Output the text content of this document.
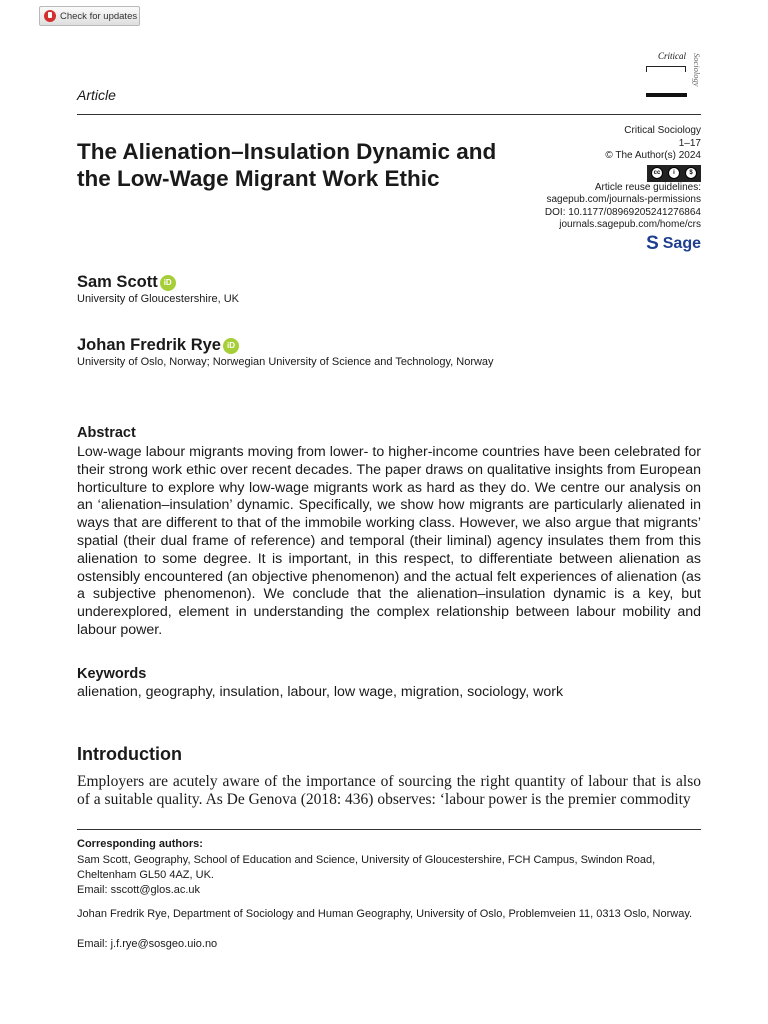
Check for updates
Critical Sociology
Article
The Alienation–Insulation Dynamic and the Low-Wage Migrant Work Ethic
Critical Sociology
1–17
© The Author(s) 2024
cc	i	$
Article reuse guidelines:
sagepub.com/journals-permissions
DOI: 10.1177/08969205241276864
journals.sagepub.com/home/crs
S Sage
Sam Scott iD
University of Gloucestershire, UK
Johan Fredrik Rye iD
University of Oslo, Norway; Norwegian University of Science and Technology, Norway
Abstract

Low-wage labour migrants moving from lower- to higher-income countries have been celebrated for their strong work ethic over recent decades. The paper draws on qualitative insights from European horticulture to explore why low-wage migrants work as hard as they do. We centre our analysis on an ‘alienation–insulation’ dynamic. Specifically, we show how migrants are particularly alienated in ways that are different to that of the immobile working class. However, we also argue that migrants’ spatial (their dual frame of reference) and temporal (their liminal) agency insulates them from this alienation to some degree. It is important, in this respect, to differentiate between alienation as ostensibly encountered (an objective phenomenon) and the actual felt experiences of alienation (as a subjective phenomenon). We conclude that the alienation–insulation dynamic is a key, but underexplored, element in understanding the complex relationship between labour mobility and labour power.

Keywords
alienation, geography, insulation, labour, low wage, migration, sociology, work
Introduction

Employers are acutely aware of the importance of sourcing the right quantity of labour that is also of a suitable quality. As De Genova (2018: 436) observes: ‘labour power is the premier commodity

Corresponding authors:

Sam Scott, Geography, School of Education and Science, University of Gloucestershire, FCH Campus, Swindon Road, Cheltenham GL50 4AZ, UK.

Email: sscott@glos.ac.uk

Johan Fredrik Rye, Department of Sociology and Human Geography, University of Oslo, Problemveien 11, 0313 Oslo, Norway.

Email: j.f.rye@sosgeo.uio.no
